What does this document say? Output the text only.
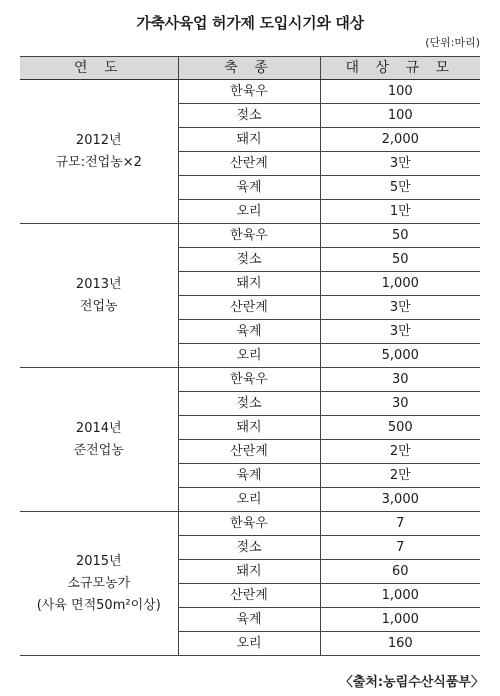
가축사육업 허가제 도입시기와 대상
(단위:마리)
연 도	축 종	대 상 규 모

2012년
규모:전업농×2	한육우	100
	젖소	100
	돼지	2,000
	산란계	3만
	육계	5만
	오리	1만

2013년
전업농	한육우	50
	젖소	50
	돼지	1,000
	산란계	3만
	육계	3만
	오리	5,000

2014년
준전업농	한육우	30
	젖소	30
	돼지	500
	산란계	2만
	육계	2만
	오리	3,000

2015년
소규모농가
(사육 면적50m²이상)	한육우	7
	젖소	7
	돼지	60
	산란계	1,000
	육계	1,000
	오리	160
〈출처:농림수산식품부〉
